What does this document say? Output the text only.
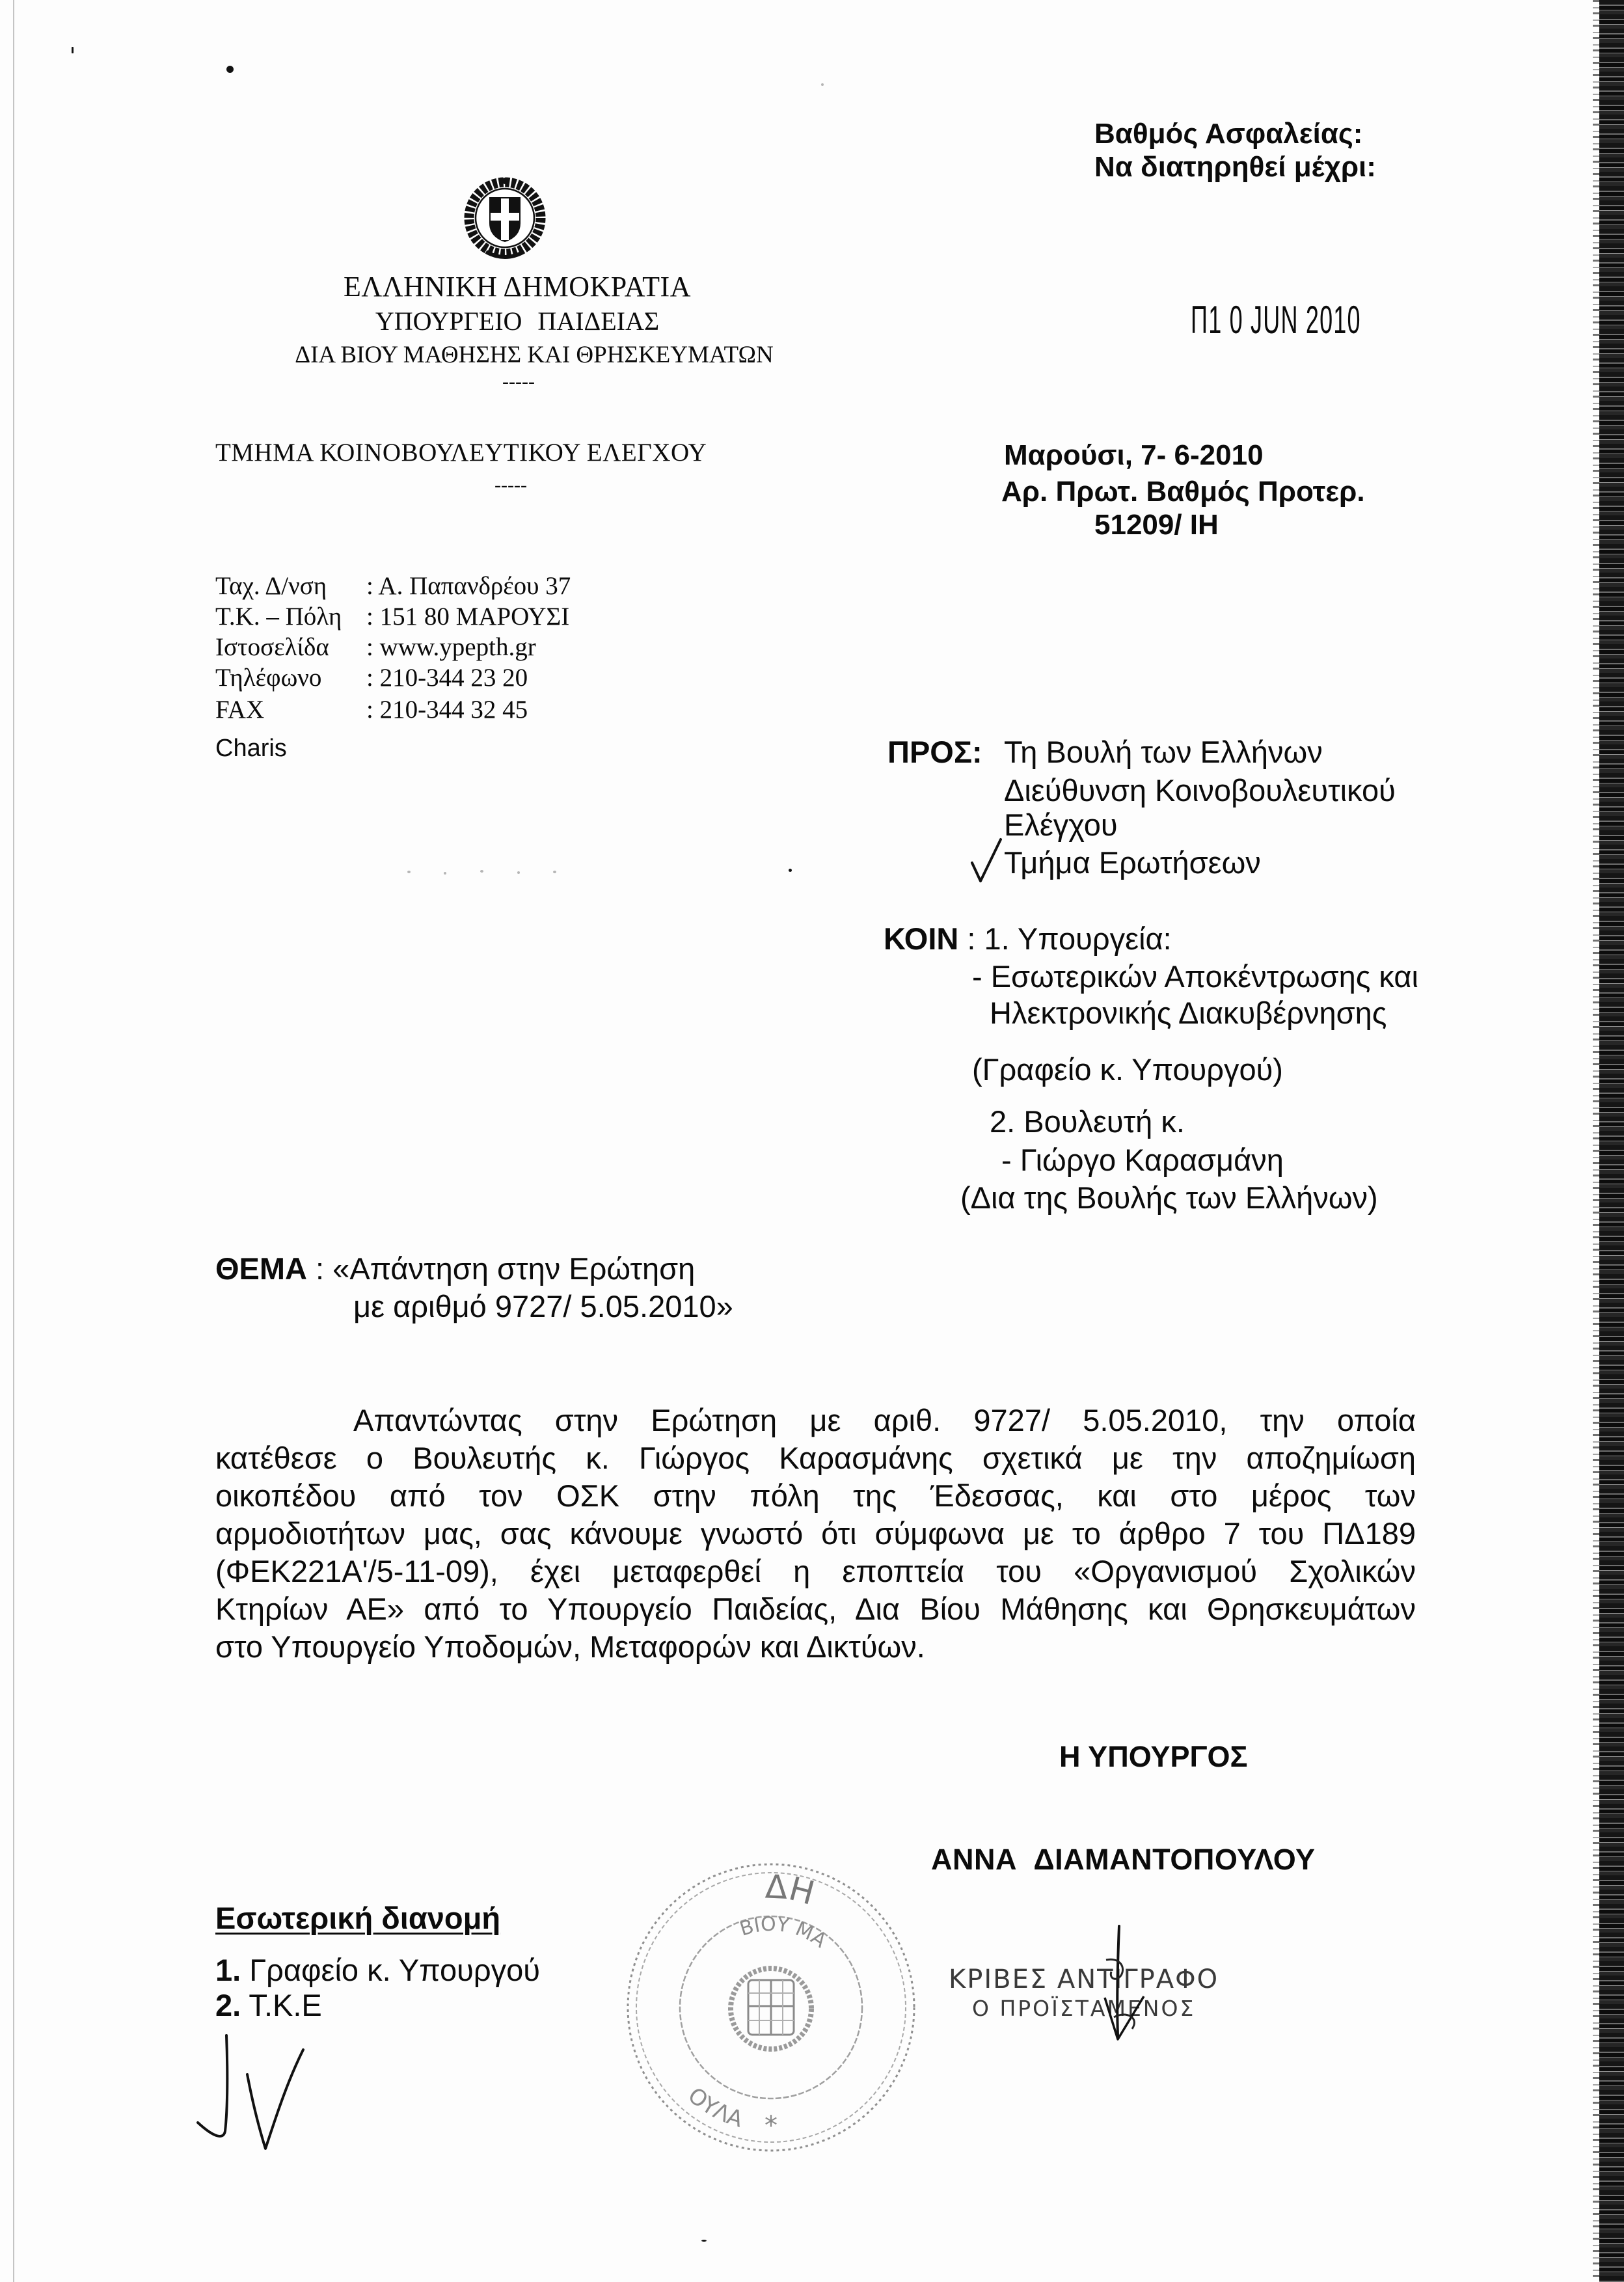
Βαθμός Ασφαλείας:
Να διατηρηθεί μέχρι:
ΕΛΛΗΝΙΚΗ ΔΗΜΟΚΡΑΤΙΑ
ΥΠΟΥΡΓΕΙΟ ΠΑΙΔΕΙΑΣ
ΔΙΑ ΒΙΟΥ ΜΑΘΗΣΗΣ ΚΑΙ ΘΡΗΣΚΕΥΜΑΤΩΝ
-----
Π1 0 JUN 2010
ΤΜΗΜΑ ΚΟΙΝΟΒΟΥΛΕΥΤΙΚΟΥ ΕΛΕΓΧΟΥ
-----
Μαρούσι, 7- 6-2010
Αρ. Πρωτ. Βαθμός Προτερ.
51209/ ΙΗ
Ταχ. Δ/νση : Α. Παπανδρέου 37
Τ.Κ. – Πόλη : 151 80 ΜΑΡΟΥΣΙ
Ιστοσελίδα : www.ypepth.gr
Τηλέφωνο : 210-344 23 20
FAX	: 210-344 32 45
Charis	ΠΡΟΣ: Τη Βουλή των Ελλήνων
Διεύθυνση Κοινοβουλευτικού
Ελέγχου
Τμήμα Ερωτήσεων
ΚΟΙΝ : 1. Υπουργεία:
- Εσωτερικών Αποκέντρωσης και
Ηλεκτρονικής Διακυβέρνησης
(Γραφείο κ. Υπουργού)
2. Βουλευτή κ.
- Γιώργο Καρασμάνη
(Δια της Βουλής των Ελλήνων)
ΘΕΜΑ : «Απάντηση στην Ερώτηση
με αριθμό 9727/ 5.05.2010»
Απαντώντας στην Ερώτηση με αριθ. 9727/ 5.05.2010, την οποία
κατέθεσε ο Βουλευτής κ. Γιώργος Καρασμάνης σχετικά με την αποζημίωση
οικοπέδου από τον ΟΣΚ στην πόλη της Έδεσσας, και στο μέρος των
αρμοδιοτήτων μας, σας κάνουμε γνωστό ότι σύμφωνα με το άρθρο 7 του ΠΔ189
(ΦΕΚ221Α'/5-11-09), έχει μεταφερθεί η εποπτεία του «Οργανισμού Σχολικών
Κτηρίων ΑΕ» από το Υπουργείο Παιδείας, Δια Βίου Μάθησης και Θρησκευμάτων
στο Υπουργείο Υποδομών, Μεταφορών και Δικτύων.
Η ΥΠΟΥΡΓΟΣ
ΑΝΝΑ ΔΙΑΜΑΝΤΟΠΟΥΛΟΥ
Εσωτερική διανομή
1. Γραφείο κ. Υπουργού
2. Τ.Κ.Ε
ΔΗ
ΒΙΟΥ ΜΑ
ΟΥΛΑ *
ΚΡΙΒΕΣ ΑΝΤΙΓΡΑΦΟ
Ο ΠΡΟΪΣΤΑΜΕΝΟΣ
